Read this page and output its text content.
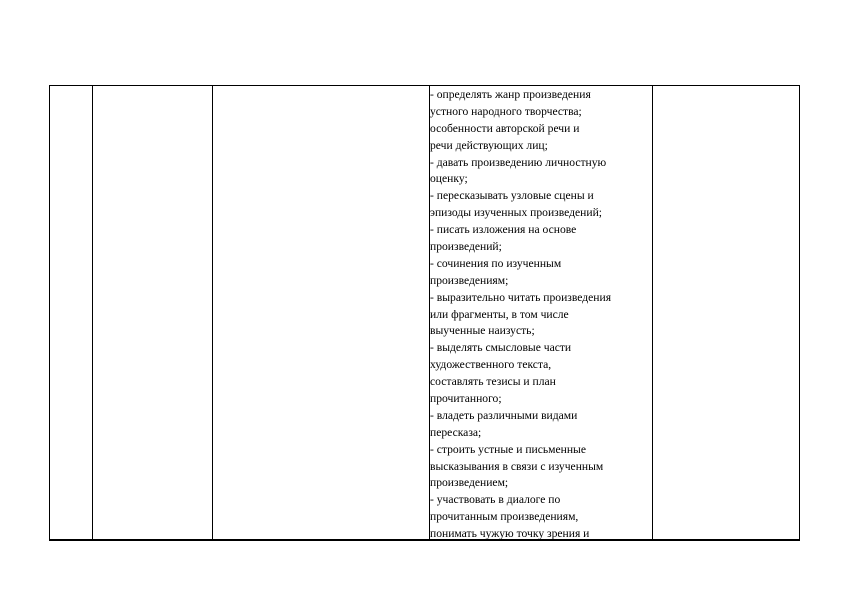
- определять жанр произведения
устного народного творчества;
особенности авторской речи и
речи действующих лиц;
- давать произведению личностную
оценку;
- пересказывать узловые сцены и
эпизоды изученных произведений;
- писать изложения на основе
произведений;
- сочинения по изученным
произведениям;
- выразительно читать произведения
или фрагменты, в том числе
выученные наизусть;
- выделять смысловые части
художественного текста,
составлять тезисы и план
прочитанного;
- владеть различными видами
пересказа;
- строить устные и письменные
высказывания в связи с изученным
произведением;
- участвовать в диалоге по
прочитанным произведениям,
понимать чужую точку зрения и
